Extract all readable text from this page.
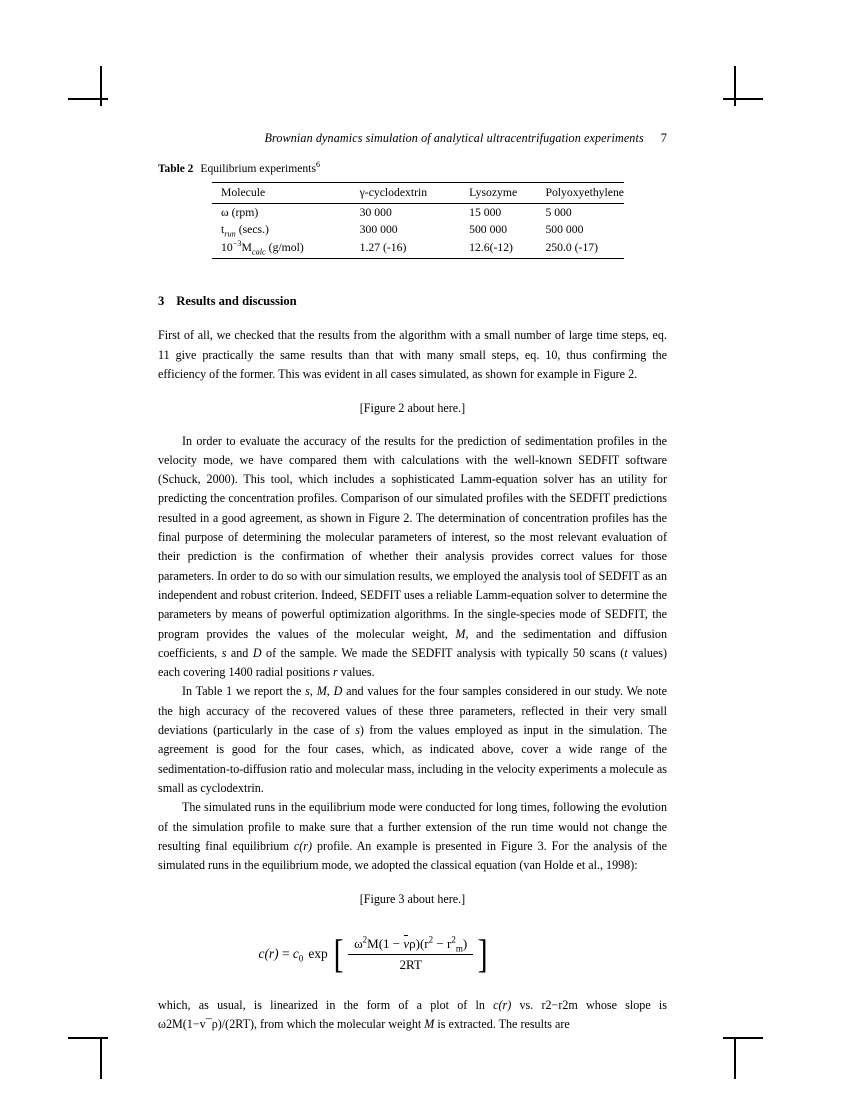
Brownian dynamics simulation of analytical ultracentrifugation experiments 7
Table 2 Equilibrium experiments$^6$
Molecule	γ-cyclodextrin	Lysozyme	Polyoxyethylene
ω (rpm)	30 000	15 000	5 000
$t_{run}$ (secs.)	300 000	500 000	500 000
$10^{-3}M_{calc}$ (g/mol)	1.27 (-16)	12.6(-12)	250.0 (-17)
3 Results and discussion

First of all, we checked that the results from the algorithm with a small number of large time steps, eq. 11 give practically the same results than that with many small steps, eq. 10, thus confirming the efficiency of the former. This was evident in all cases simulated, as shown for example in Figure 2.

[Figure 2 about here.]

In order to evaluate the accuracy of the results for the prediction of sedimentation profiles in the velocity mode, we have compared them with calculations with the well-known SEDFIT software (Schuck, 2000). This tool, which includes a sophisticated Lamm-equation solver has an utility for predicting the concentration profiles. Comparison of our simulated profiles with the SEDFIT predictions resulted in a good agreement, as shown in Figure 2. The determination of concentration profiles has the final purpose of determining the molecular parameters of interest, so the most relevant evaluation of their prediction is the confirmation of whether their analysis provides correct values for those parameters. In order to do so with our simulation results, we employed the analysis tool of SEDFIT as an independent and robust criterion. Indeed, SEDFIT uses a reliable Lamm-equation solver to determine the parameters by means of powerful optimization algorithms. In the single-species mode of SEDFIT, the program provides the values of the molecular weight, M, and the sedimentation and diffusion coefficients, s and D of the sample. We made the SEDFIT analysis with typically 50 scans (t values) each covering 1400 radial positions r values.

In Table 1 we report the s, M, D and values for the four samples considered in our study. We note the high accuracy of the recovered values of these three parameters, reflected in their very small deviations (particularly in the case of s) from the values employed as input in the simulation. The agreement is good for the four cases, which, as indicated above, cover a wide range of the sedimentation-to-diffusion ratio and molecular mass, including in the velocity experiments a molecule as small as cyclodextrin.

The simulated runs in the equilibrium mode were conducted for long times, following the evolution of the simulation profile to make sure that a further extension of the run time would not change the resulting final equilibrium c(r) profile. An example is presented in Figure 3. For the analysis of the simulated runs in the equilibrium mode, we adopted the classical equation (van Holde et al., 1998):

[Figure 3 about here.]
$c(r) = c_0$ exp [ $\frac{\omega^2M(1 - v\rho)(r^2 - r^2_m)}{2RT}$ ]

which, as usual, is linearized in the form of a plot of ln c(r) vs. r2−r2m whose slope is ω2M(1−v¯ρ)/(2RT), from which the molecular weight M is extracted. The results are
